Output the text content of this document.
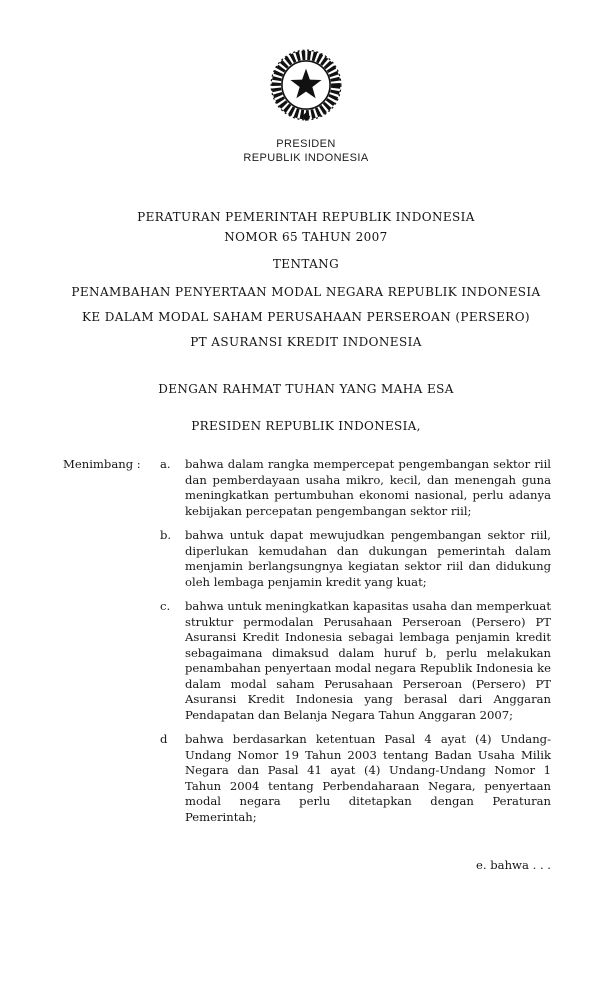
PRESIDEN
REPUBLIK INDONESIA
PERATURAN PEMERINTAH REPUBLIK INDONESIA
NOMOR 65 TAHUN 2007
TENTANG
PENAMBAHAN PENYERTAAN MODAL NEGARA REPUBLIK INDONESIA
KE DALAM MODAL SAHAM PERUSAHAAN PERSEROAN (PERSERO)
PT ASURANSI KREDIT INDONESIA
DENGAN RAHMAT TUHAN YANG MAHA ESA
PRESIDEN REPUBLIK INDONESIA,
Menimbang :	a.	bahwa dalam rangka mempercepat pengembangan sektor riil dan pemberdayaan usaha mikro, kecil, dan menengah guna meningkatkan pertumbuhan ekonomi nasional, perlu adanya kebijakan percepatan pengembangan sektor riil;
b.	bahwa untuk dapat mewujudkan pengembangan sektor riil, diperlukan kemudahan dan dukungan pemerintah dalam menjamin berlangsungnya kegiatan sektor riil dan didukung oleh lembaga penjamin kredit yang kuat;
c.	bahwa untuk meningkatkan kapasitas usaha dan memperkuat struktur permodalan Perusahaan Perseroan (Persero) PT Asuransi Kredit Indonesia sebagai lembaga penjamin kredit sebagaimana dimaksud dalam huruf b, perlu melakukan penambahan penyertaan modal negara Republik Indonesia ke dalam modal saham Perusahaan Perseroan (Persero) PT Asuransi Kredit Indonesia yang berasal dari Anggaran Pendapatan dan Belanja Negara Tahun Anggaran 2007;
d	bahwa berdasarkan ketentuan Pasal 4 ayat (4) Undang-Undang Nomor 19 Tahun 2003 tentang Badan Usaha Milik Negara dan Pasal 41 ayat (4) Undang-Undang Nomor 1 Tahun 2004 tentang Perbendaharaan Negara, penyertaan modal negara perlu ditetapkan dengan Peraturan Pemerintah;
e. bahwa . . .
